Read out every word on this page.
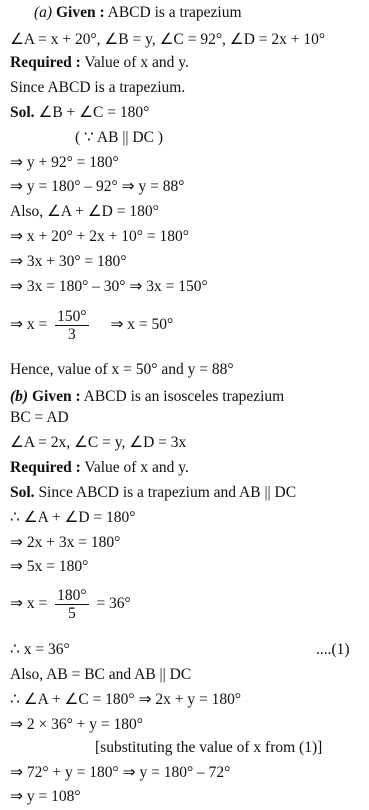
(a) Given : ABCD is a trapezium
∠A = x + 20°, ∠B = y, ∠C = 92°, ∠D = 2x + 10°
Required : Value of x and y.
Since ABCD is a trapezium.
Sol. ∠B + ∠C = 180°
( ∵ AB || DC )
⇒ y + 92° = 180°
⇒ y = 180° – 92° ⇒ y = 88°
Also, ∠A + ∠D = 180°
⇒ x + 20° + 2x + 10° = 180°
⇒ 3x + 30° = 180°
⇒ 3x = 180° – 30° ⇒ 3x = 150°
⇒ $x = \frac{150^\circ}{3}$ ⇒ x = 50°
Hence, value of x = 50° and y = 88°
(b) Given : ABCD is an isosceles trapezium
BC = AD
∠A = 2x, ∠C = y, ∠D = 3x
Required : Value of x and y.
Sol. Since ABCD is a trapezium and AB || DC
∴ ∠A + ∠D = 180°
⇒ 2x + 3x = 180°
⇒ 5x = 180°
⇒ $x = \frac{180^\circ}{5} = 36^\circ$
∴ x = 36°	....(1)
Also, AB = BC and AB || DC
∴ ∠A + ∠C = 180° ⇒ 2x + y = 180°
⇒ 2 × 36° + y = 180°
[substituting the value of x from (1)]
⇒ 72° + y = 180° ⇒ y = 180° – 72°
⇒ y = 108°
